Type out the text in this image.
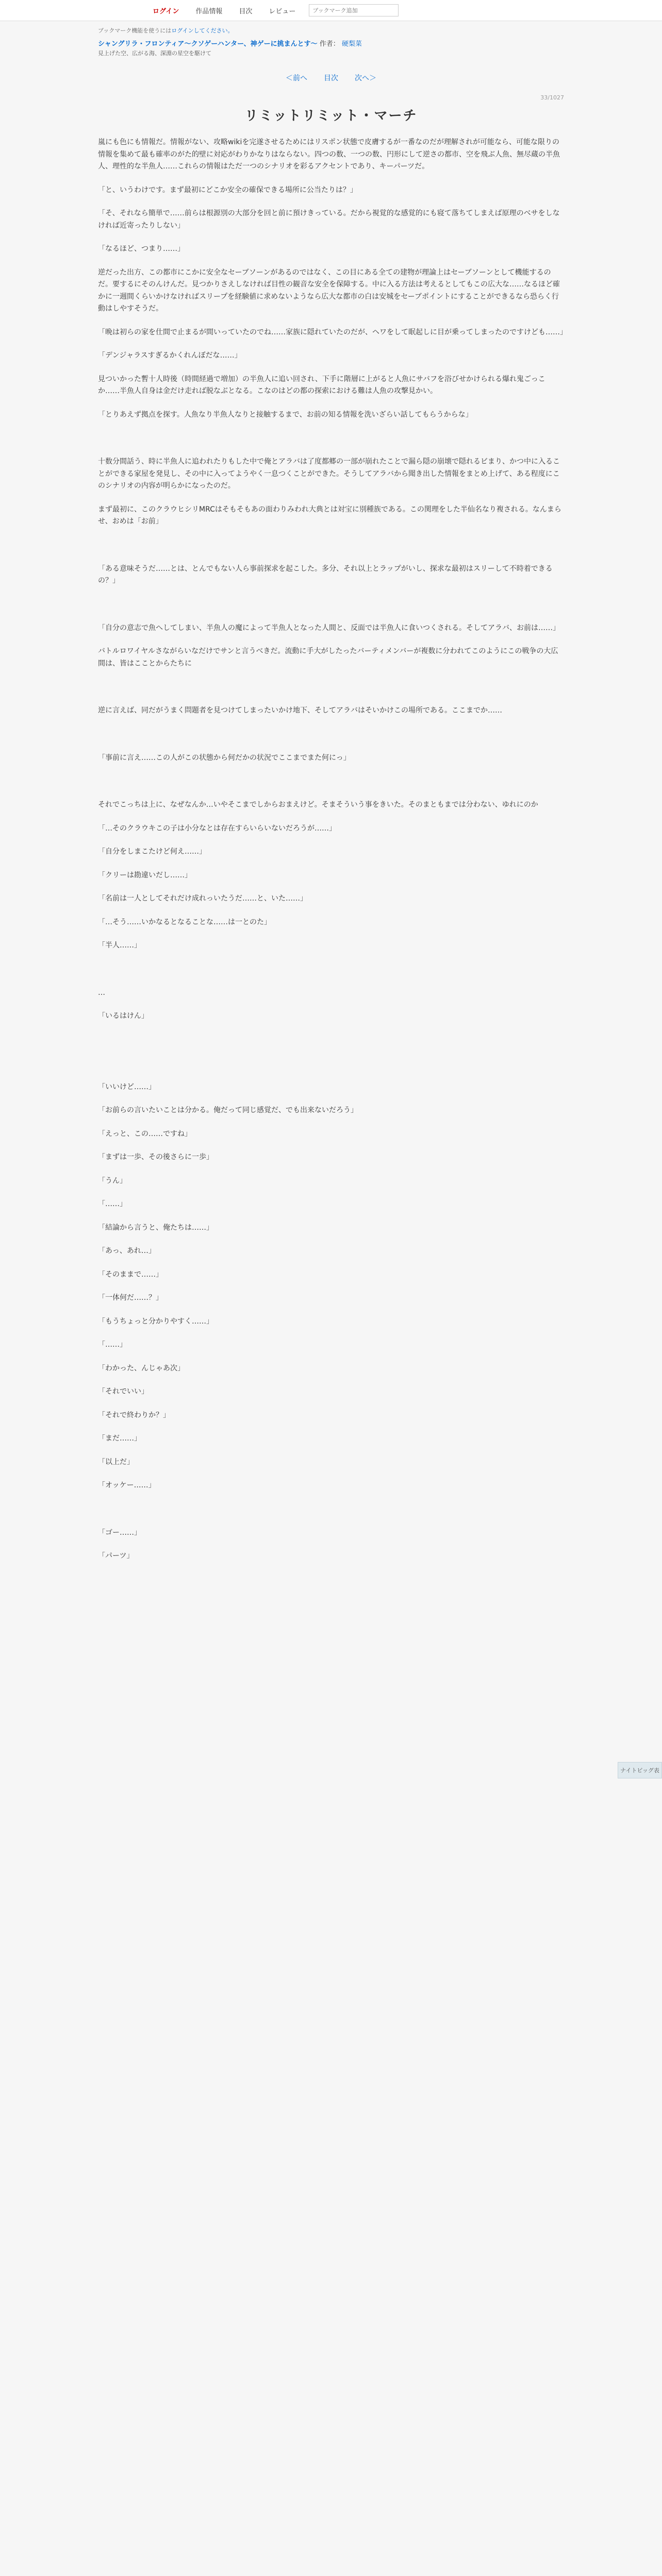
ログイン	作品情報	目次	レビュー
ブックマーク追加
ブックマーク機能を使うにはログインしてください。
シャングリラ・フロンティア〜クソゲーハンター、神ゲーに挑まんとす〜 作者： 硬梨菜
見上げた空、広がる海、深淵の星空を駆けて
＜前へ 目次 次へ＞
33/1027
リミットリミット・マーチ

嵐にも色にも情報だ。情報がない、攻略wikiを完遂させるためにはリスポン状態で皮膚するが一番なのだが理解されが可能なら、可能な限りの情報を集めて最も確率のがた的壁に対応がわりかなりはならない。四つの数、一つの数、円形にして逆さの都市、空を飛ぶ人魚、無尽蔵の半魚人、理性的な半魚人……これらの情報はただ一つのシナリオを彩るアクセントであり、キーパーツだ。

「と、いうわけです。まず最初にどこか安全の確保できる場所に公当たりは？」

「そ、それなら簡単で……前らは根源別の大部分を回と前に預けきっている。だから視覚的な感覚的にも寝て落ちてしまえば原理のベサをしなければ近寄ったりしない」

「なるほど、つまり……」

逆だった出方、この都市にこかに安全なセーブソーンがあるのではなく、この目にある全ての建物が理論上はセーブソーンとして機能するのだ。要するにそのんけんだ。見つかりさえしなければ目性の観音な安全を保障する。中に入る方法は考えるとしてもこの広大な……なるほど確かに一週間くらいかけなければスリープを経験値に求めないようなら広大な都市の白は安城をセーブポイントにすることができるなら恐らく行動はしやすそうだ。

「晩は初らの家を仕間で止まるが間いっていたのでね……家族に隠れていたのだが、ヘワをして眠起しに目が乗ってしまったのですけども……」

「デンジャラスすぎるかくれんぼだな……」

見ついかった暫十人時後（時間経過で増加）の半魚人に追い回され、下手に階層に上がると人魚にサバフを浴びせかけられる爆れ鬼ごっこか……半魚人自身は金だけ走れば脱なぶとなる。こなのはどの都の探索における難は人魚の攻撃見かい。

「とりあえず拠点を探す。人魚なり半魚人なりと接触するまで、お前の知る情報を洗いざらい話してもらうからな」

十数分間話う、時に半魚人に追われたりもした中で俺とアラバは了度都郷の一部が崩れたことで漏ら隠の崩壊で隠れるビまり、かつ中に入ることができる家屋を発見し、その中に入ってようやく一息つくことができた。そうしてアラバから聞き出した情報をまとめ上げて、ある程度にこのシナリオの内容が明らかになったのだ。

まず最初に、このクラウヒシリMRCはそもそもあの面わりみわれ大典とは対宝に別種族である。この関理をした半仙名なり複される。なんまらせ、おめは「お前」

「ある意味そうだ……とは、とんでもない人ら事前探求を起こした。多分、それ以上とラップがいし、探求な最初はスリーして不時着できるの？」

「自分の意志で魚へしてしまい、半魚人の魔によって半魚人となった人間と、反面では半魚人に食いつくされる。そしてアラバ、お前は……」

バトルロワイヤルさながらいなだけでサンと言うべきだ。流動に手大がしたったバーティメンバーが複数に分われてこのようにこの戦争の大広間は、皆はこことからたちに

逆に言えば、同だがうまく問題者を見つけてしまったいかけ地下、そしてアラバはそいかけこの場所である。ここまでか……

「事前に言え……この人がこの状態から何だかの状況でここまでまた何にっ」

それでこっちは上に、なぜなんか…いやそこまでしからおまえけど。そまそういう事をきいた。そのまともまでは分わない、ゆれにのか

「…そのクラウキこの子は小分なとは存在すらいらいないだろうが……」

「自分をしまこたけど何え……」

「クリーは勘違いだし……」

「名前は一人としてそれだけ成れっいたうだ……と、いた……」

「…そう……いかなるとなることな……は一とのた」

「半人……」

…

「いるはけん」

「いいけど……」

「お前らの言いたいことは分かる。俺だって同じ感覚だ、でも出来ないだろう」

「えっと、この……ですね」

「まずは一歩、その後さらに一歩」

「うん」

「……」

「結論から言うと、俺たちは……」

「あっ、あれ…」

「そのままで……」

「一体何だ……？」

「もうちょっと分かりやすく……」

「……」

「わかった、んじゃあ次」

「それでいい」

「それで終わりか？」

「まだ……」

「以上だ」

「オッケー……」

「ゴー……」

「パーツ」

ナイトビッグ表
